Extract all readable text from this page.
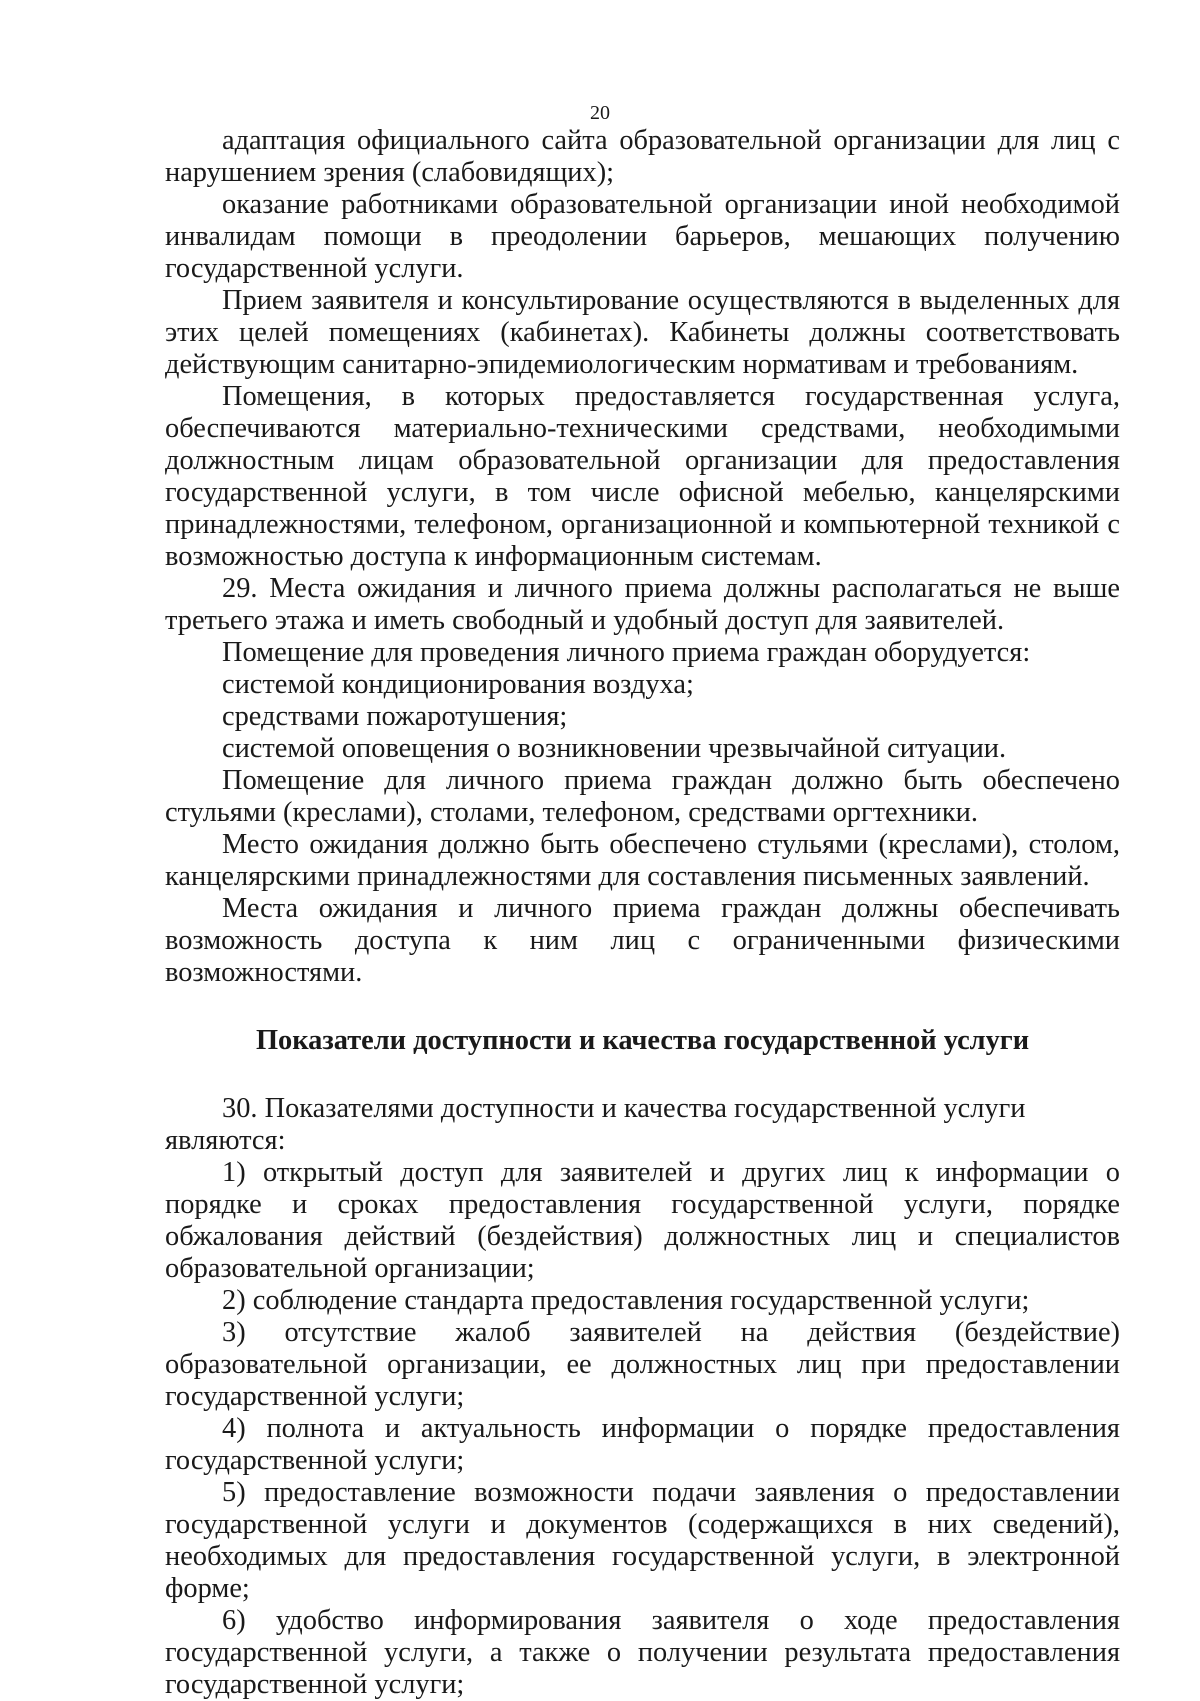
20

адаптация официального сайта образовательной организации для лиц с нарушением зрения (слабовидящих);

оказание работниками образовательной организации иной необходимой инвалидам помощи в преодолении барьеров, мешающих получению государственной услуги.

Прием заявителя и консультирование осуществляются в выделенных для этих целей помещениях (кабинетах). Кабинеты должны соответствовать действующим санитарно-эпидемиологическим нормативам и требованиям.

Помещения, в которых предоставляется государственная услуга, обеспечиваются материально-техническими средствами, необходимыми должностным лицам образовательной организации для предоставления государственной услуги, в том числе офисной мебелью, канцелярскими принадлежностями, телефоном, организационной и компьютерной техникой с возможностью доступа к информационным системам.

29. Места ожидания и личного приема должны располагаться не выше третьего этажа и иметь свободный и удобный доступ для заявителей.

Помещение для проведения личного приема граждан оборудуется:

системой кондиционирования воздуха;

средствами пожаротушения;

системой оповещения о возникновении чрезвычайной ситуации.

Помещение для личного приема граждан должно быть обеспечено стульями (креслами), столами, телефоном, средствами оргтехники.

Место ожидания должно быть обеспечено стульями (креслами), столом, канцелярскими принадлежностями для составления письменных заявлений.

Места ожидания и личного приема граждан должны обеспечивать возможность доступа к ним лиц с ограниченными физическими возможностями.

Показатели доступности и качества государственной услуги

30. Показателями доступности и качества государственной услуги являются:

1) открытый доступ для заявителей и других лиц к информации о порядке и сроках предоставления государственной услуги, порядке обжалования действий (бездействия) должностных лиц и специалистов образовательной организации;

2) соблюдение стандарта предоставления государственной услуги;

3) отсутствие жалоб заявителей на действия (бездействие) образовательной организации, ее должностных лиц при предоставлении государственной услуги;

4) полнота и актуальность информации о порядке предоставления государственной услуги;

5) предоставление возможности подачи заявления о предоставлении государственной услуги и документов (содержащихся в них сведений), необходимых для предоставления государственной услуги, в электронной форме;

6) удобство информирования заявителя о ходе предоставления государственной услуги, а также о получении результата предоставления государственной услуги;
